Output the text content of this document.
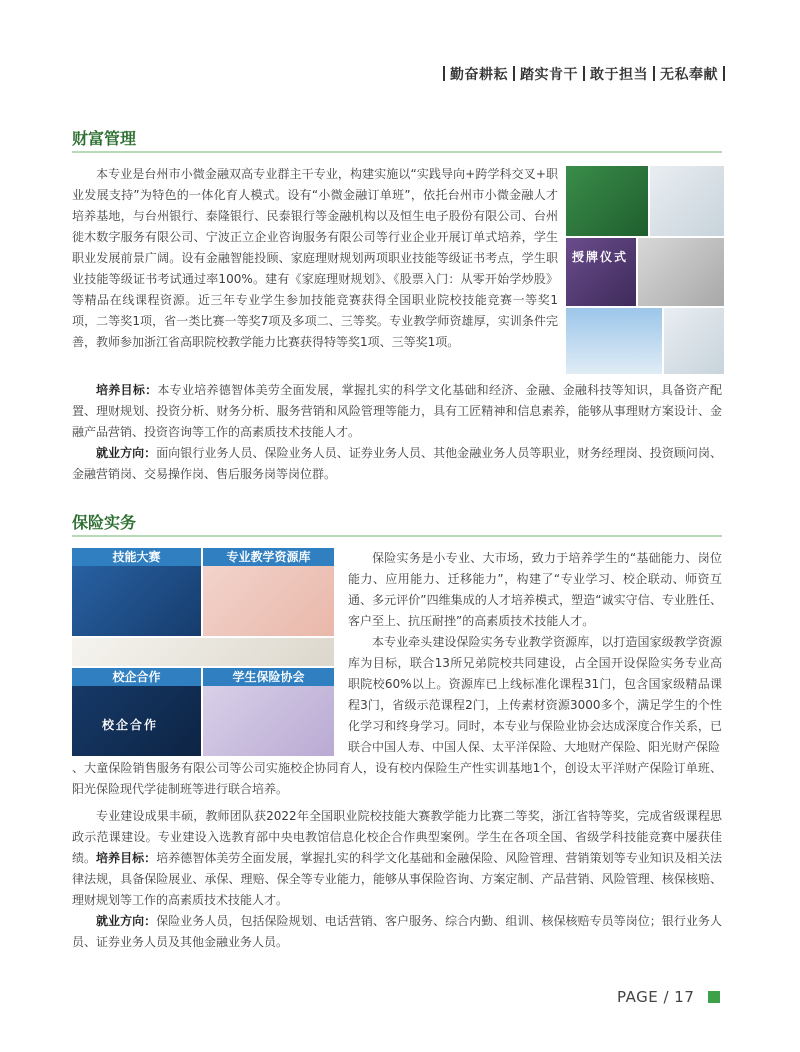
勤奋耕耘 踏实肯干 敢于担当 无私奉献
财富管理

本专业是台州市小微金融双高专业群主干专业，构建实施以“实践导向+跨学科交叉+职业发展支持”为特色的一体化育人模式。设有“小微金融订单班”，依托台州市小微金融人才培养基地，与台州银行、泰隆银行、民泰银行等金融机构以及恒生电子股份有限公司、台州徙木数字服务有限公司、宁波正立企业咨询服务有限公司等行业企业开展订单式培养，学生职业发展前景广阔。设有金融智能投顾、家庭理财规划两项职业技能等级证书考点，学生职业技能等级证书考试通过率100%。建有《家庭理财规划》、《股票入门：从零开始学炒股》等精品在线课程资源。近三年专业学生参加技能竞赛获得全国职业院校技能竞赛一等奖1项，二等奖1项，省一类比赛一等奖7项及多项二、三等奖。专业教学师资雄厚，实训条件完善，教师参加浙江省高职院校教学能力比赛获得特等奖1项、三等奖1项。

授牌仪式

培养目标：本专业培养德智体美劳全面发展，掌握扎实的科学文化基础和经济、金融、金融科技等知识，具备资产配置、理财规划、投资分析、财务分析、服务营销和风险管理等能力，具有工匠精神和信息素养，能够从事理财方案设计、金融产品营销、投资咨询等工作的高素质技术技能人才。

就业方向：面向银行业务人员、保险业务人员、证券业务人员、其他金融业务人员等职业，财务经理岗、投资顾问岗、金融营销岗、交易操作岗、售后服务岗等岗位群。

保险实务
技能大赛	专业教学资源库
校企合作
校企合作
学生保险协会

保险实务是小专业、大市场，致力于培养学生的“基础能力、岗位能力、应用能力、迁移能力”，构建了“专业学习、校企联动、师资互通、多元评价”四维集成的人才培养模式，塑造“诚实守信、专业胜任、客户至上、抗压耐挫”的高素质技术技能人才。

本专业牵头建设保险实务专业教学资源库，以打造国家级教学资源库为目标，联合13所兄弟院校共同建设，占全国开设保险实务专业高职院校60%以上。资源库已上线标准化课程31门，包含国家级精品课程3门，省级示范课程2门，上传素材资源3000多个，满足学生的个性化学习和终身学习。同时，本专业与保险业协会达成深度合作关系，已联合中国人寿、中国人保、太平洋保险、大地财产保险、阳光财产保险

、大童保险销售服务有限公司等公司实施校企协同育人，设有校内保险生产性实训基地1个，创设太平洋财产保险订单班、阳光保险现代学徒制班等进行联合培养。

专业建设成果丰硕，教师团队获2022年全国职业院校技能大赛教学能力比赛二等奖，浙江省特等奖，完成省级课程思政示范课建设。专业建设入选教育部中央电教馆信息化校企合作典型案例。学生在各项全国、省级学科技能竞赛中屡获佳绩。 培养目标：培养德智体美劳全面发展，掌握扎实的科学文化基础和金融保险、风险管理、营销策划等专业知识及相关法律法规，具备保险展业、承保、理赔、保全等专业能力，能够从事保险咨询、方案定制、产品营销、风险管理、核保核赔、理财规划等工作的高素质技术技能人才。

就业方向：保险业务人员，包括保险规划、电话营销、客户服务、综合内勤、组训、核保核赔专员等岗位；银行业务人员、证券业务人员及其他金融业务人员。

PAGE / 17
